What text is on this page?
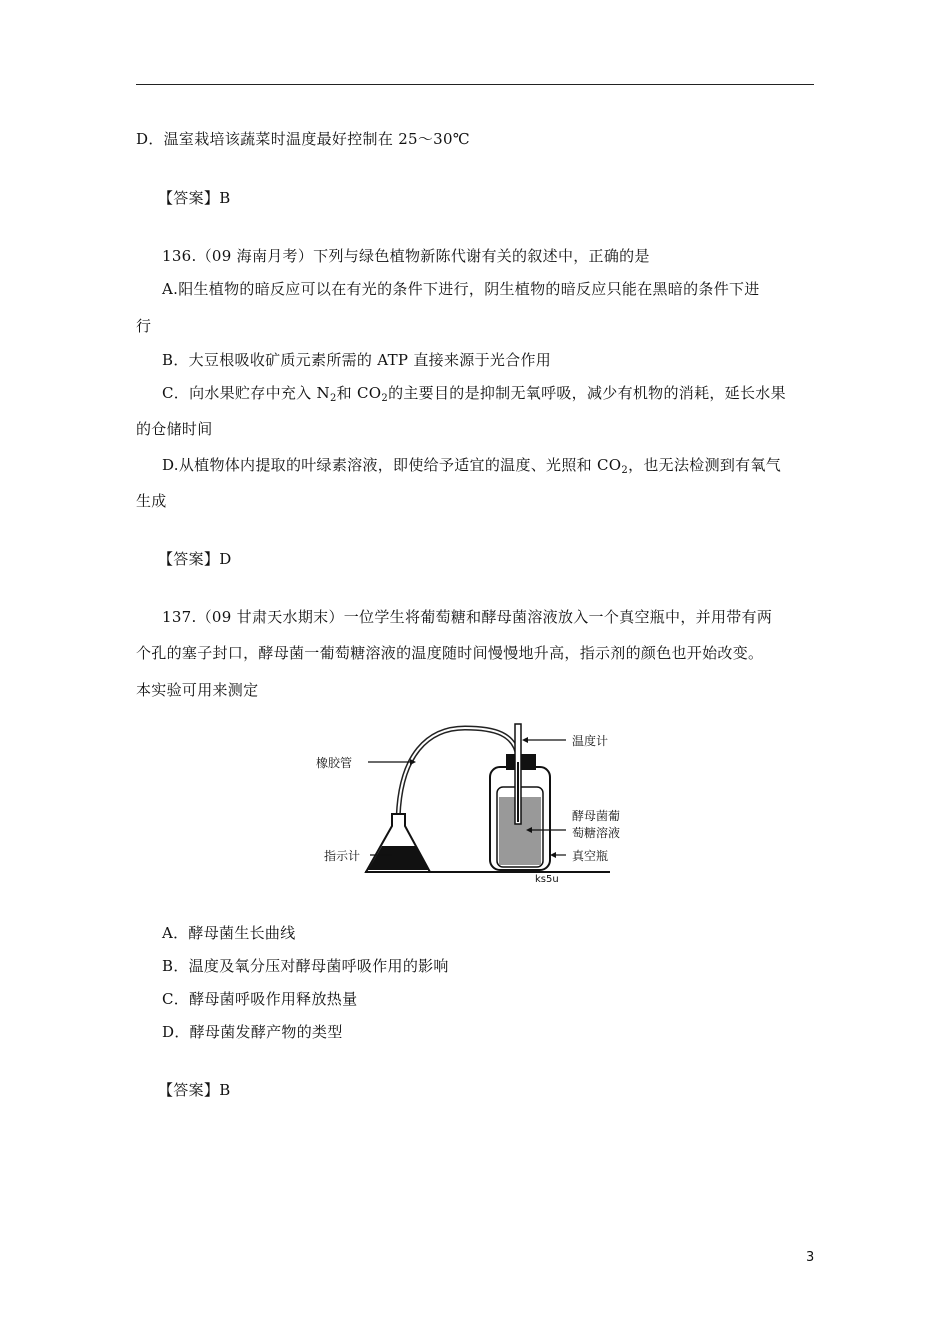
D．温室栽培该蔬菜时温度最好控制在 25～30℃
【答案】B
136.（09 海南月考）下列与绿色植物新陈代谢有关的叙述中，正确的是
A.阳生植物的暗反应可以在有光的条件下进行，阴生植物的暗反应只能在黑暗的条件下进
行
B．大豆根吸收矿质元素所需的 ATP 直接来源于光合作用
C．向水果贮存中充入 $N_2$和 $CO_2$的主要目的是抑制无氧呼吸，减少有机物的消耗，延长水果
的仓储时间
D.从植物体内提取的叶绿素溶液，即使给予适宜的温度、光照和 $CO_2$，也无法检测到有氧气
生成
【答案】D
137.（09 甘肃天水期末）一位学生将葡萄糖和酵母菌溶液放入一个真空瓶中，并用带有两
个孔的塞子封口，酵母菌一葡萄糖溶液的温度随时间慢慢地升高，指示剂的颜色也开始改变。
本实验可用来测定
橡胶管
指示计
温度计
酵母菌葡
萄糖溶液
真空瓶
ks5u
A．酵母菌生长曲线
B．温度及氧分压对酵母菌呼吸作用的影响
C．酵母菌呼吸作用释放热量
D．酵母菌发酵产物的类型
【答案】B
3
